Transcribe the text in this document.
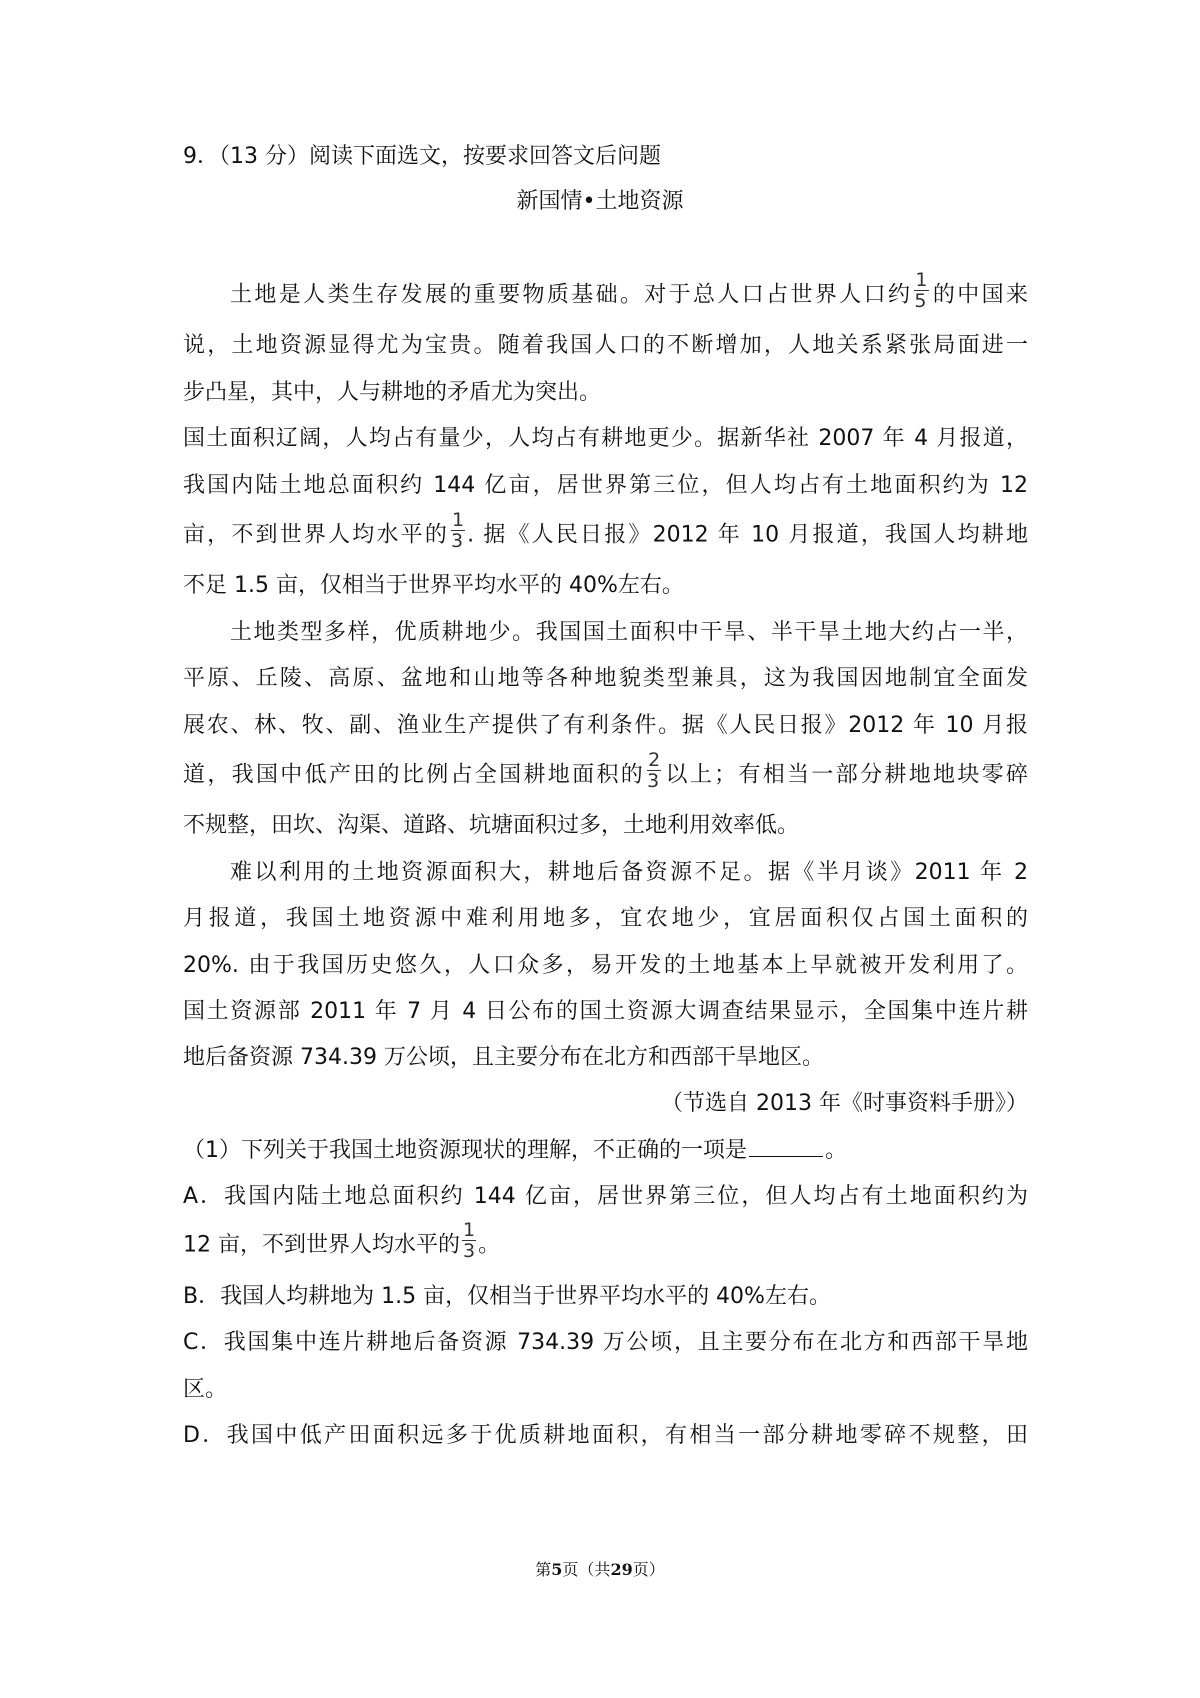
9．（13 分）阅读下面选文，按要求回答文后问题
新国情•土地资源
土地是人类生存发展的重要物质基础。对于总人口占世界人口约 $\frac{1}{5}$ 的中国来
说，土地资源显得尤为宝贵。随着我国人口的不断增加，人地关系紧张局面进一
步凸星，其中，人与耕地的矛盾尤为突出。
国土面积辽阔，人均占有量少，人均占有耕地更少。据新华社 2007 年 4 月报道，
我国内陆土地总面积约 144 亿亩，居世界第三位，但人均占有土地面积约为 12
亩，不到世界人均水平的 $\frac{1}{3}$ . 据《人民日报》2012 年 10 月报道，我国人均耕地
不足 1.5 亩，仅相当于世界平均水平的 40%左右。
土地类型多样，优质耕地少。我国国土面积中干旱、半干旱土地大约占一半，
平原、丘陵、高原、盆地和山地等各种地貌类型兼具，这为我国因地制宜全面发
展农、林、牧、副、渔业生产提供了有利条件。据《人民日报》2012 年 10 月报
道，我国中低产田的比例占全国耕地面积的 $\frac{2}{3}$ 以上；有相当一部分耕地地块零碎
不规整，田坎、沟渠、道路、坑塘面积过多，土地利用效率低。
难以利用的土地资源面积大，耕地后备资源不足。据《半月谈》2011 年 2
月报道，我国土地资源中难利用地多，宜农地少，宜居面积仅占国土面积的
20%. 由于我国历史悠久，人口众多，易开发的土地基本上早就被开发利用了。
国土资源部 2011 年 7 月 4 日公布的国土资源大调查结果显示，全国集中连片耕
地后备资源 734.39 万公顷，且主要分布在北方和西部干旱地区。
（节选自 2013 年《时事资料手册》）
（1）下列关于我国土地资源现状的理解，不正确的一项是	。
A．我国内陆土地总面积约 144 亿亩，居世界第三位，但人均占有土地面积约为
12 亩，不到世界人均水平的 $\frac{1}{3}$ 。
B．我国人均耕地为 1.5 亩，仅相当于世界平均水平的 40%左右。
C．我国集中连片耕地后备资源 734.39 万公顷，且主要分布在北方和西部干旱地
区。
D．我国中低产田面积远多于优质耕地面积，有相当一部分耕地零碎不规整，田
第5页（共29页）
